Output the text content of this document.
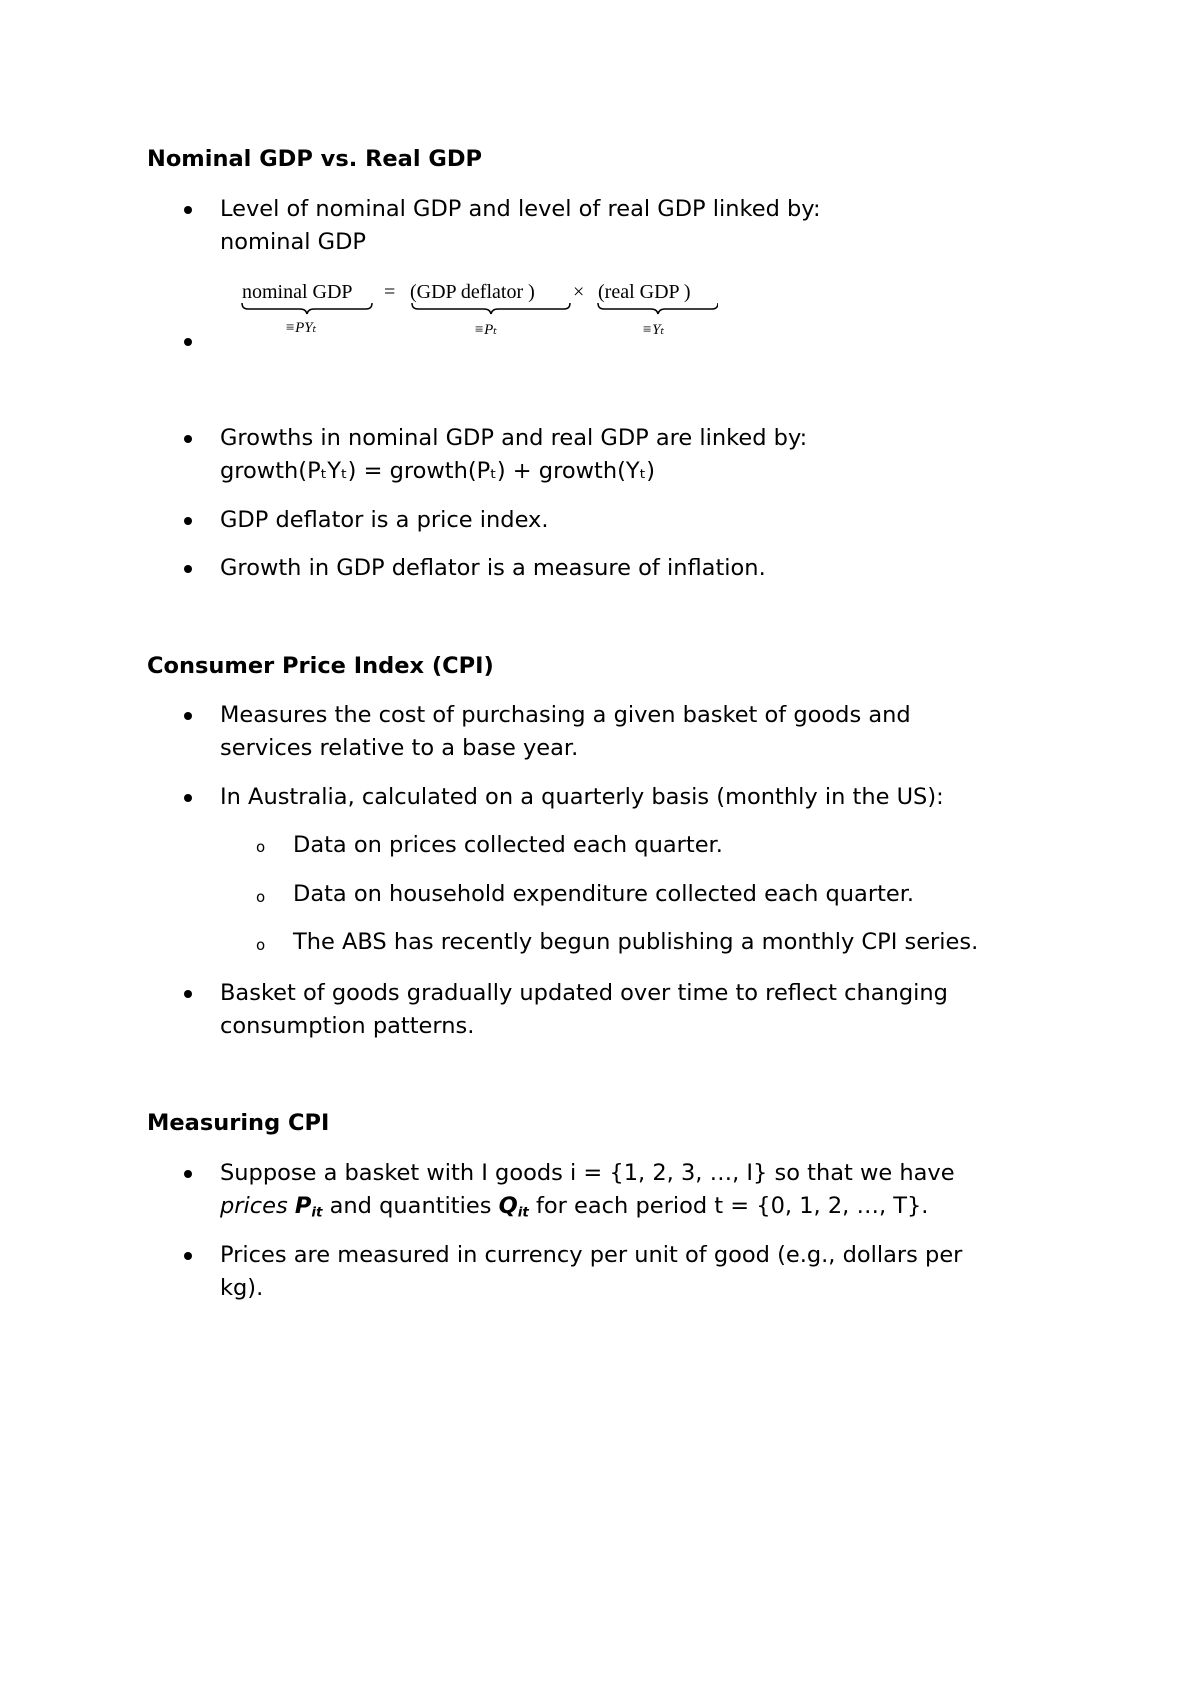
Nominal GDP vs. Real GDP
Level of nominal GDP and level of real GDP linked by:
nominal GDP
nominal GDP = (GDP deflator ) × (real GDP )
≡PYₜ	≡Pₜ	≡Yₜ
Growths in nominal GDP and real GDP are linked by:
growth(PₜYₜ) = growth(Pₜ) + growth(Yₜ)
GDP deflator is a price index.
Growth in GDP deflator is a measure of inflation.
Consumer Price Index (CPI)
Measures the cost of purchasing a given basket of goods and
services relative to a base year.
In Australia, calculated on a quarterly basis (monthly in the US):
o Data on prices collected each quarter.
o Data on household expenditure collected each quarter.
o The ABS has recently begun publishing a monthly CPI series.
Basket of goods gradually updated over time to reflect changing
consumption patterns.
Measuring CPI
Suppose a basket with I goods i = {1, 2, 3, …, I} so that we have
prices $P_{it}$ and quantities $Q_{it}$ for each period t = {0, 1, 2, …, T}.
Prices are measured in currency per unit of good (e.g., dollars per
kg).
